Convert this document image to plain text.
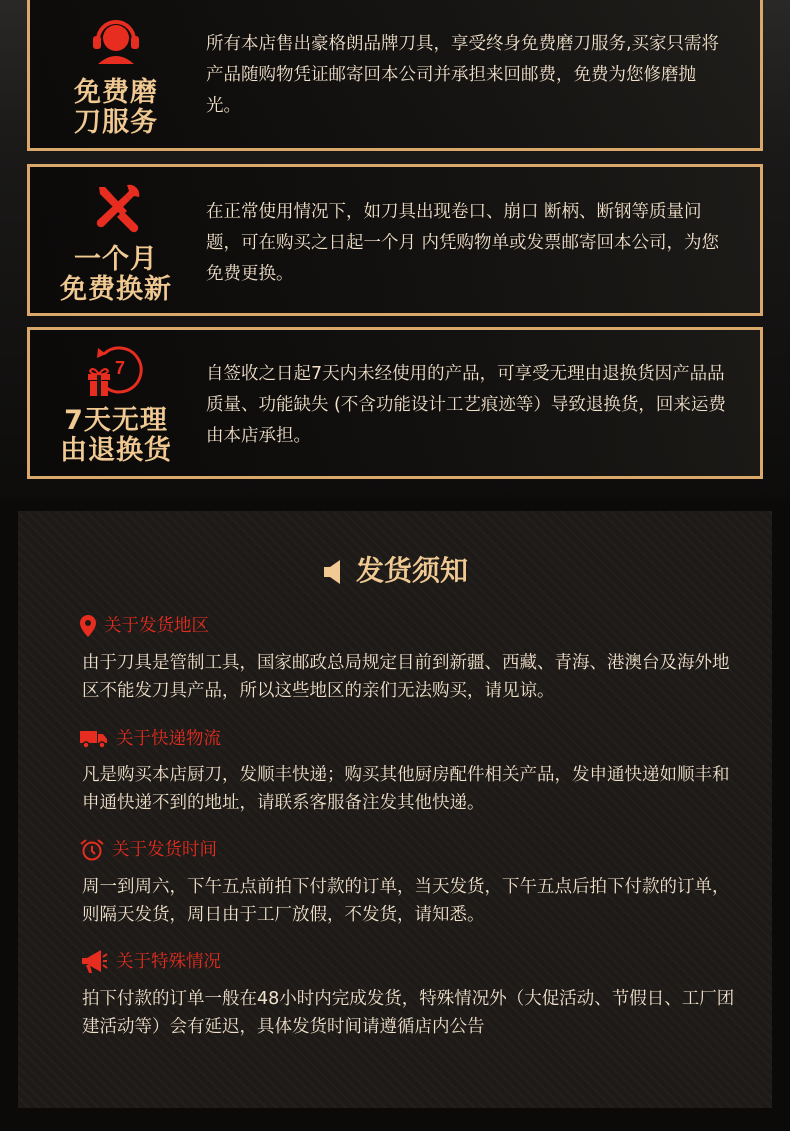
免费磨
刀服务
所有本店售出豪格朗品牌刀具，享受终身免费磨刀服务,买家只需将产品随购物凭证邮寄回本公司并承担来回邮费，免费为您修磨抛光。
一个月
免费换新
在正常使用情况下，如刀具出现卷口、崩口 断柄、断钢等质量问题，可在购买之日起一个月 内凭购物单或发票邮寄回本公司，为您免费更换。
7
7天无理
由退换货
自签收之日起7天内未经使用的产品，可享受无理由退换货因产品品质量、功能缺失 (不含功能设计工艺痕迹等）导致退换货，回来运费由本店承担。
发货须知
关于发货地区
由于刀具是管制工具，国家邮政总局规定目前到新疆、西藏、青海、港澳台及海外地区不能发刀具产品，所以这些地区的亲们无法购买，请见谅。
关于快递物流
凡是购买本店厨刀，发顺丰快递；购买其他厨房配件相关产品，发申通快递如顺丰和申通快递不到的地址，请联系客服备注发其他快递。
关于发货时间
周一到周六，下午五点前拍下付款的订单，当天发货，下午五点后拍下付款的订单，则隔天发货，周日由于工厂放假，不发货，请知悉。
关于特殊情况
拍下付款的订单一般在48小时内完成发货，特殊情况外（大促活动、节假日、工厂团建活动等）会有延迟，具体发货时间请遵循店内公告
